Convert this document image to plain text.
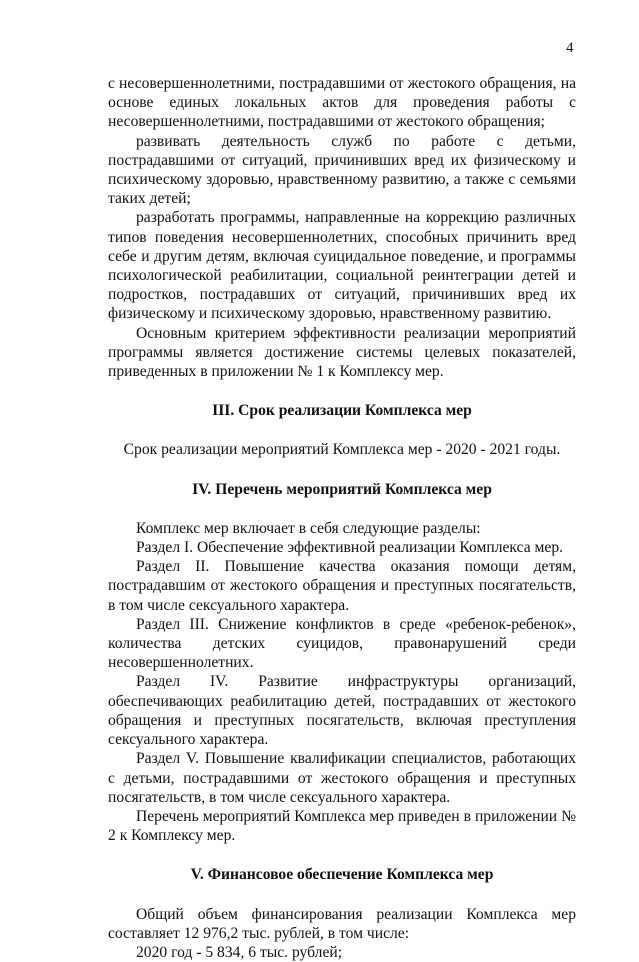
4

с несовершеннолетними, пострадавшими от жестокого обращения, на основе единых локальных актов для проведения работы с несовершеннолетними, пострадавшими от жестокого обращения;

развивать деятельность служб по работе с детьми, пострадавшими от ситуаций, причинивших вред их физическому и психическому здоровью, нравственному развитию, а также с семьями таких детей;

разработать программы, направленные на коррекцию различных типов поведения несовершеннолетних, способных причинить вред себе и другим детям, включая суицидальное поведение, и программы психологической реабилитации, социальной реинтеграции детей и подростков, пострадавших от ситуаций, причинивших вред их физическому и психическому здоровью, нравственному развитию.

Основным критерием эффективности реализации мероприятий программы является достижение системы целевых показателей, приведенных в приложении № 1 к Комплексу мер.

III. Срок реализации Комплекса мер

Срок реализации мероприятий Комплекса мер - 2020 - 2021 годы.

IV. Перечень мероприятий Комплекса мер

Комплекс мер включает в себя следующие разделы:

Раздел I. Обеспечение эффективной реализации Комплекса мер.

Раздел II. Повышение качества оказания помощи детям, пострадавшим от жестокого обращения и преступных посягательств, в том числе сексуального характера.

Раздел III. Снижение конфликтов в среде «ребенок-ребенок», количества детских суицидов, правонарушений среди несовершеннолетних.

Раздел IV. Развитие инфраструктуры организаций, обеспечивающих реабилитацию детей, пострадавших от жестокого обращения и преступных посягательств, включая преступления сексуального характера.

Раздел V. Повышение квалификации специалистов, работающих с детьми, пострадавшими от жестокого обращения и преступных посягательств, в том числе сексуального характера.

Перечень мероприятий Комплекса мер приведен в приложении № 2 к Комплексу мер.

V. Финансовое обеспечение Комплекса мер

Общий объем финансирования реализации Комплекса мер составляет 12 976,2 тыс. рублей, в том числе:

2020 год - 5 834, 6 тыс. рублей;
